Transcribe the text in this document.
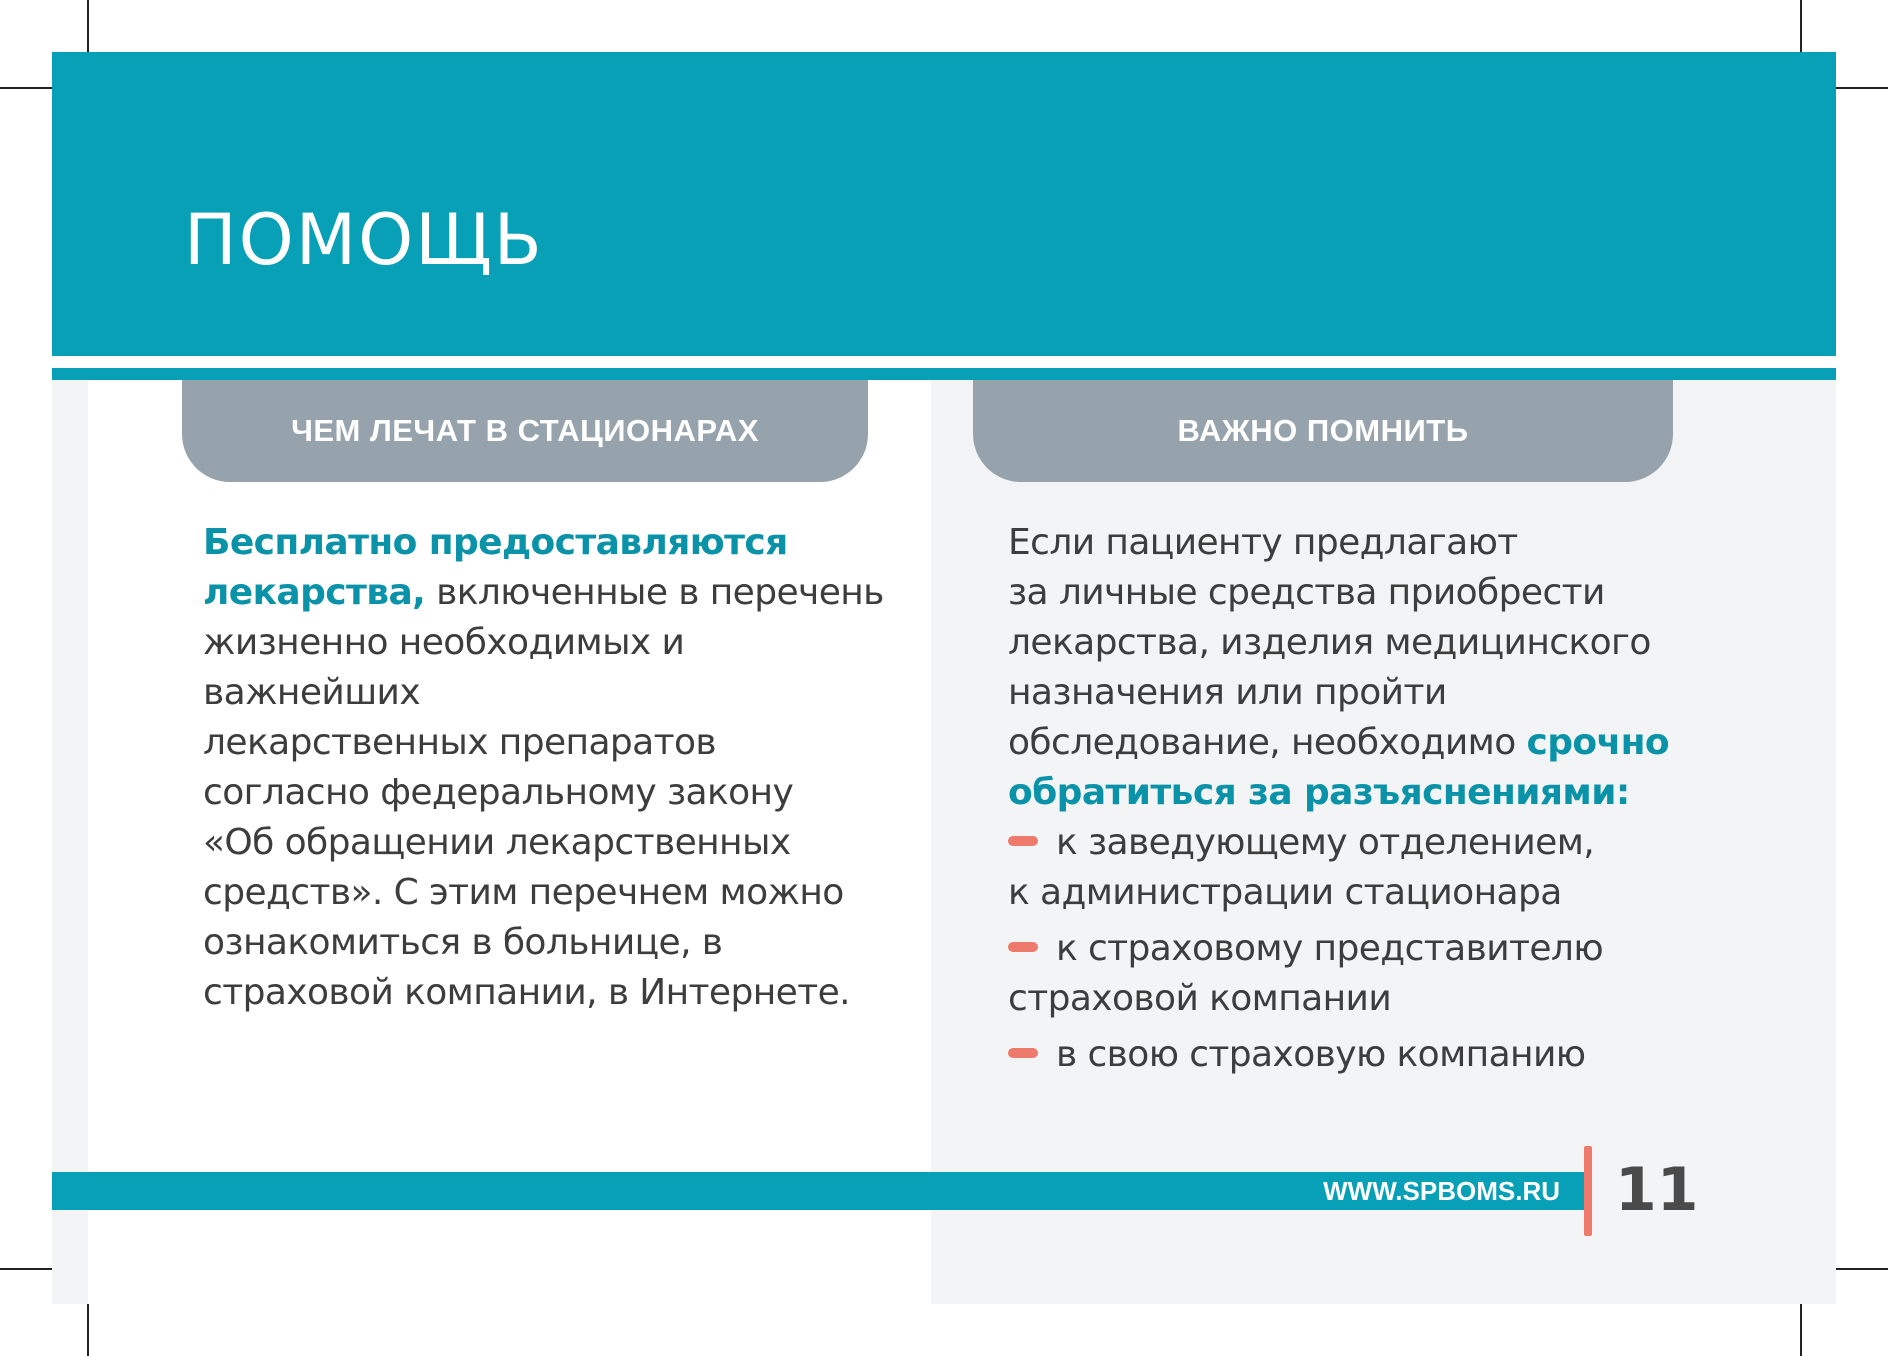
ПОМОЩЬ
ЧЕМ ЛЕЧАТ В СТАЦИОНАРАХ	ВАЖНО ПОМНИТЬ
Бесплатно предоставляются
лекарства, включенные в перечень
жизненно необходимых и важнейших
лекарственных препаратов
согласно федеральному закону
«Об обращении лекарственных
средств». С этим перечнем можно
ознакомиться в больнице, в
страховой компании, в Интернете.
Если пациенту предлагают
за личные средства приобрести
лекарства, изделия медицинского
назначения или пройти
обследование, необходимо срочно
обратиться за разъяснениями:
к заведующему отделением,
к администрации стационара
к страховому представителю
страховой компании
в свою страховую компанию
WWW.SPBOMS.RU 11
